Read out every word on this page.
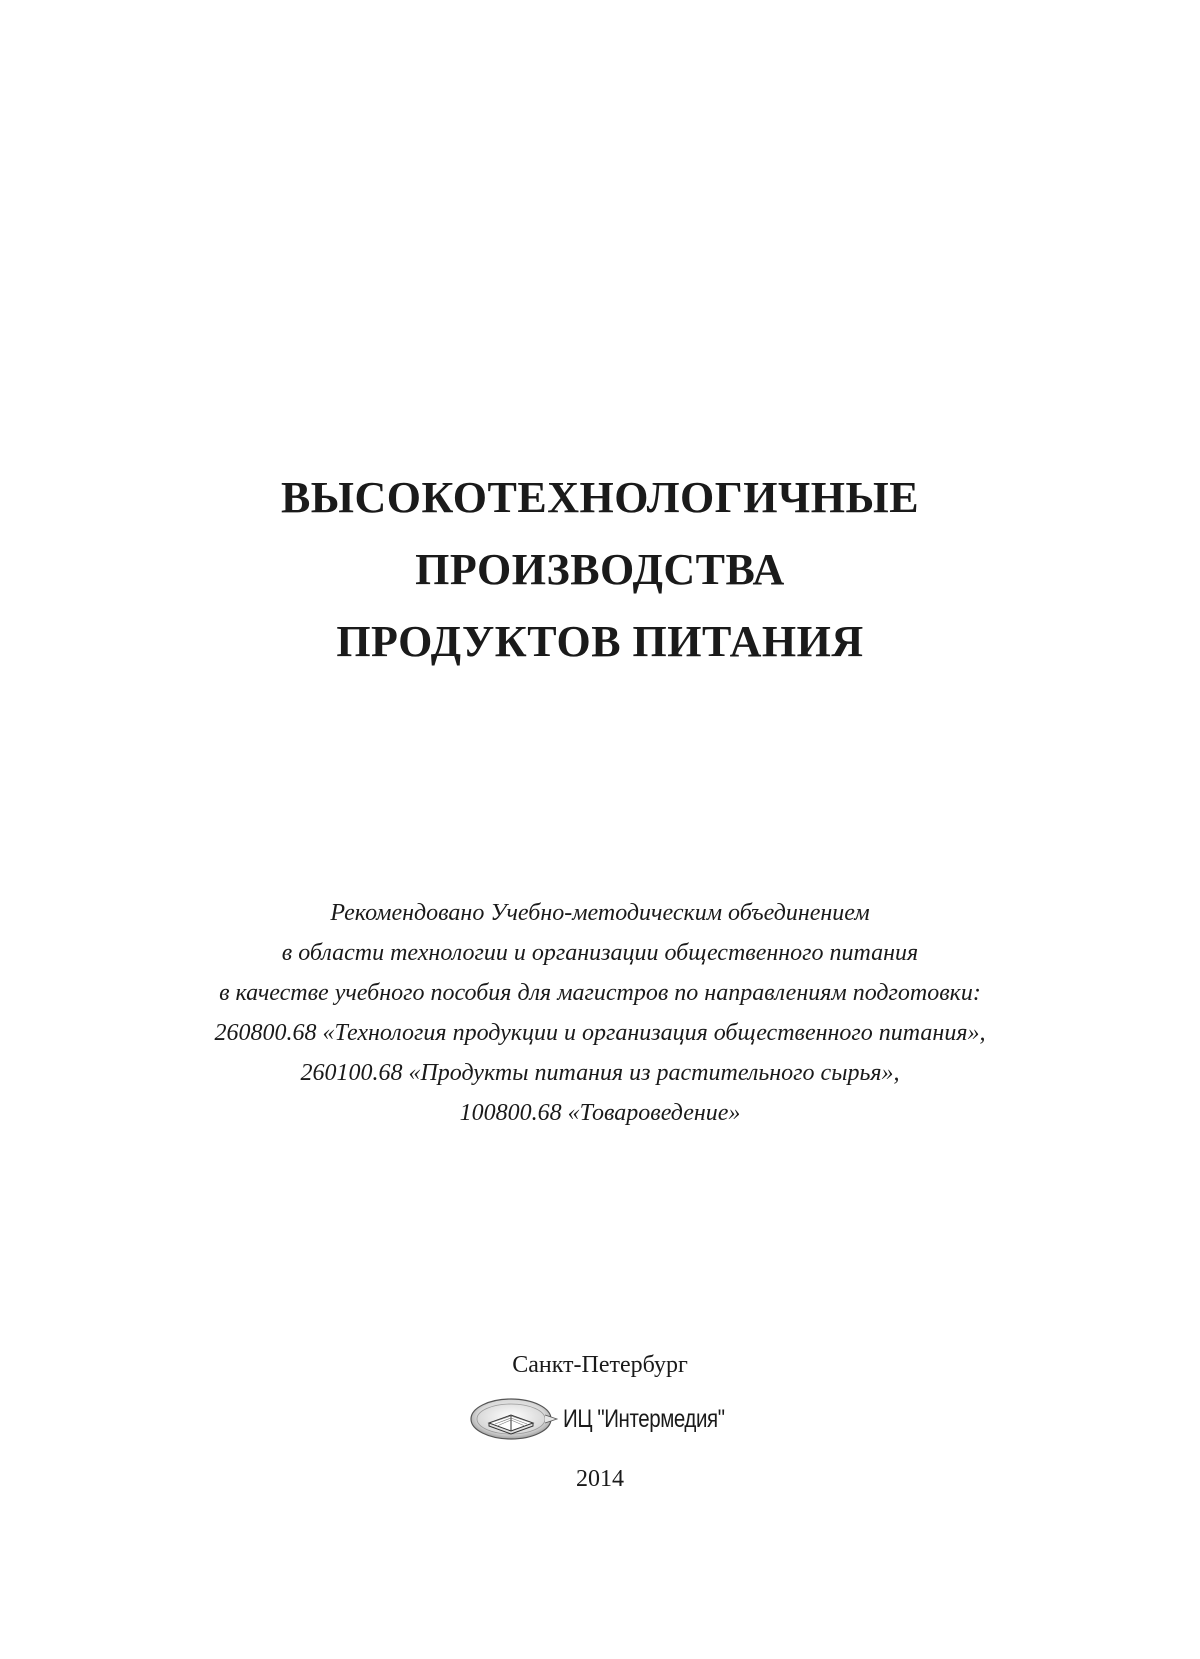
ВЫСОКОТЕХНОЛОГИЧНЫЕ
ПРОИЗВОДСТВА
ПРОДУКТОВ ПИТАНИЯ
Рекомендовано Учебно-методическим объединением
в области технологии и организации общественного питания
в качестве учебного пособия для магистров по направлениям подготовки:
260800.68 «Технология продукции и организация общественного питания»,
260100.68 «Продукты питания из растительного сырья»,
100800.68 «Товароведение»
Санкт-Петербург
ИЦ "Интермедия"
2014
